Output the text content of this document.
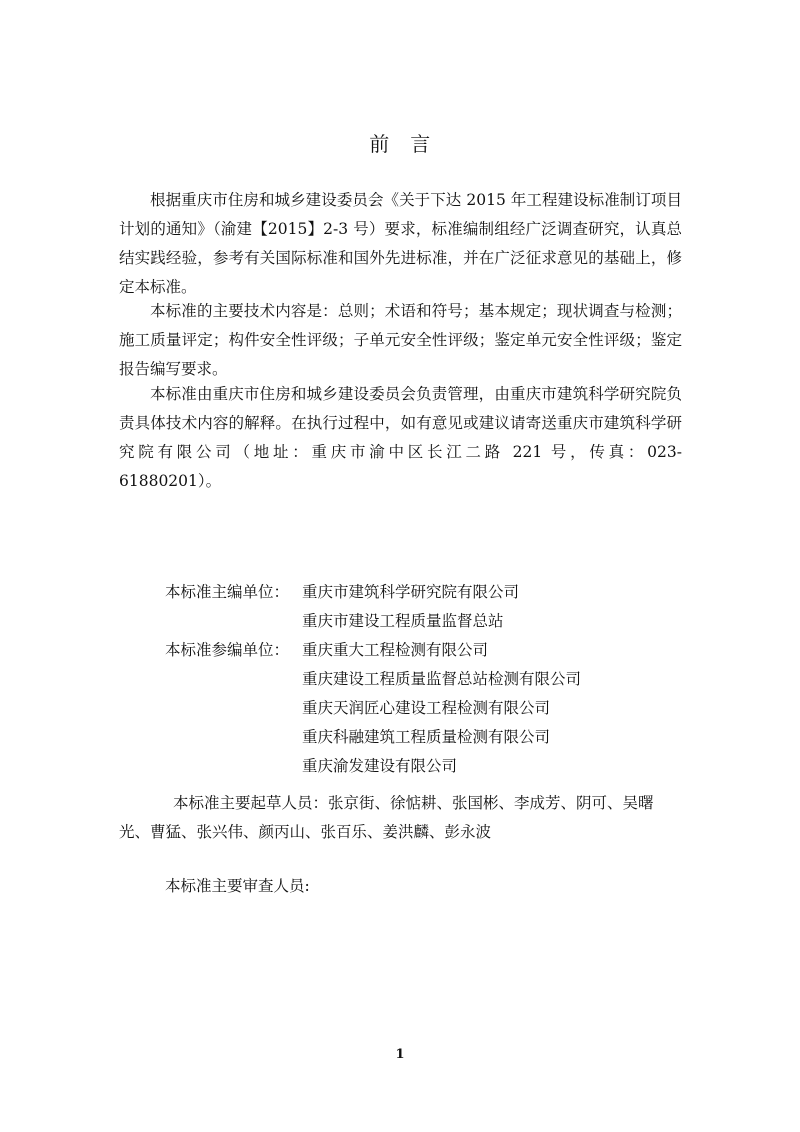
前　言

根据重庆市住房和城乡建设委员会《关于下达 2015 年工程建设标准制订项目计划的通知》（渝建【2015】2-3 号）要求，标准编制组经广泛调查研究，认真总结实践经验，参考有关国际标准和国外先进标准，并在广泛征求意见的基础上，修定本标准。

本标准的主要技术内容是：总则；术语和符号；基本规定；现状调查与检测；施工质量评定；构件安全性评级；子单元安全性评级；鉴定单元安全性评级；鉴定报告编写要求。

本标准由重庆市住房和城乡建设委员会负责管理，由重庆市建筑科学研究院负责具体技术内容的解释。在执行过程中，如有意见或建议请寄送重庆市建筑科学研究院有限公司（地址：重庆市渝中区长江二路 221 号，传真：023-61880201）。

本标准主编单位： 重庆市建筑科学研究院有限公司
重庆市建设工程质量监督总站
本标准参编单位： 重庆重大工程检测有限公司
重庆建设工程质量监督总站检测有限公司
重庆天润匠心建设工程检测有限公司
重庆科融建筑工程质量检测有限公司
重庆渝发建设有限公司

本标准主要起草人员：张京街、徐惦耕、张国彬、李成芳、阴可、吴曙光、曹猛、张兴伟、颜丙山、张百乐、姜洪麟、彭永波

本标准主要审查人员:
1
